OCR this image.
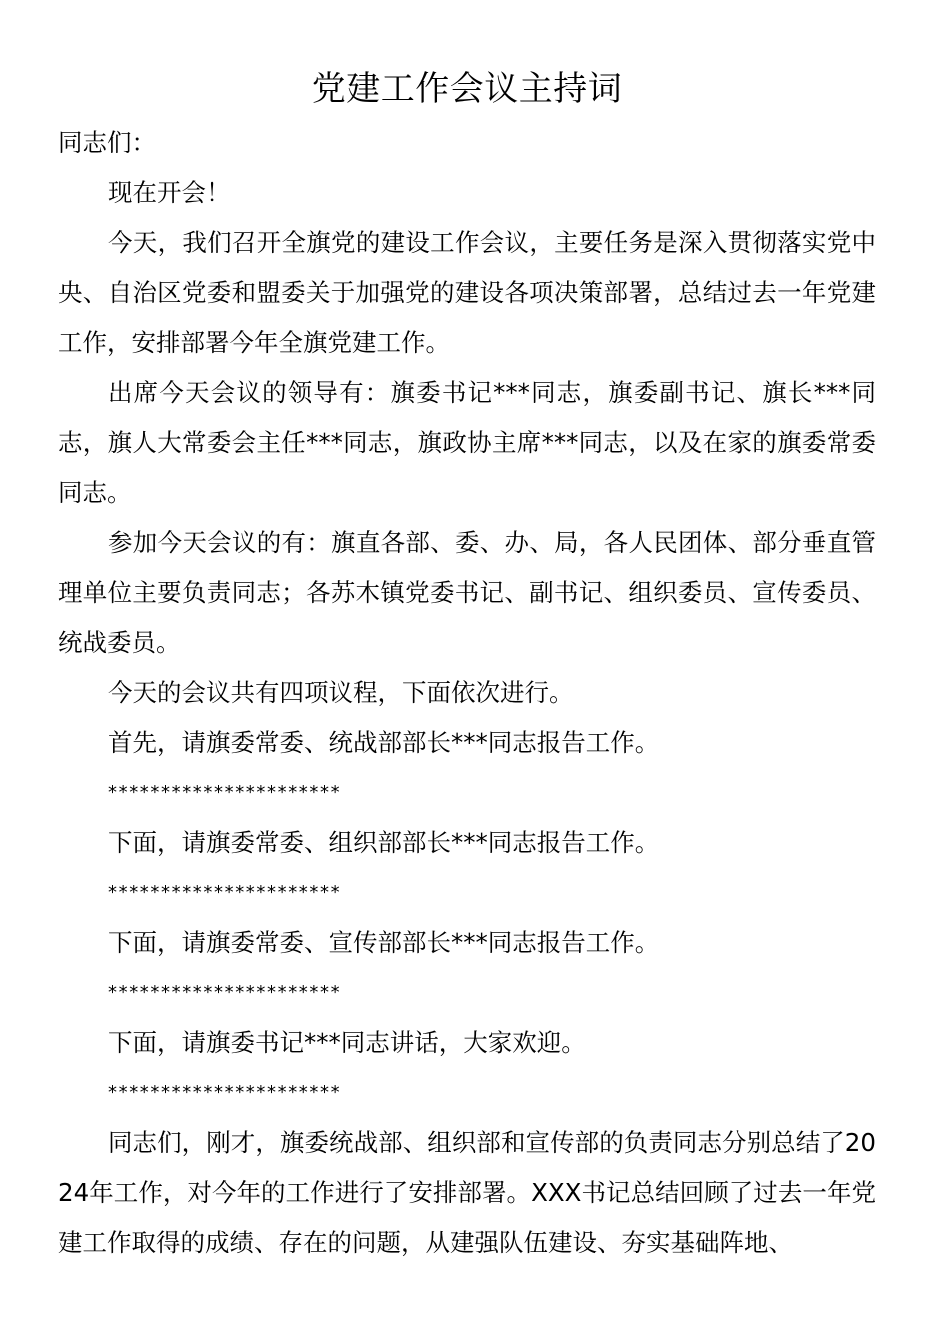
党建工作会议主持词

同志们：

现在开会！

今天，我们召开全旗党的建设工作会议，主要任务是深入贯彻落实党中央、自治区党委和盟委关于加强党的建设各项决策部署，总结过去一年党建工作，安排部署今年全旗党建工作。

出席今天会议的领导有：旗委书记***同志，旗委副书记、旗长***同志，旗人大常委会主任***同志，旗政协主席***同志，以及在家的旗委常委同志。

参加今天会议的有：旗直各部、委、办、局，各人民团体、部分垂直管理单位主要负责同志；各苏木镇党委书记、副书记、组织委员、宣传委员、统战委员。

今天的会议共有四项议程，下面依次进行。

首先，请旗委常委、统战部部长***同志报告工作。

**********************

下面，请旗委常委、组织部部长***同志报告工作。

**********************

下面，请旗委常委、宣传部部长***同志报告工作。

**********************

下面，请旗委书记***同志讲话，大家欢迎。

**********************

同志们，刚才，旗委统战部、组织部和宣传部的负责同志分别总结了2024年工作，对今年的工作进行了安排部署。XXX书记总结回顾了过去一年党建工作取得的成绩、存在的问题，从建强队伍建设、夯实基础阵地、
